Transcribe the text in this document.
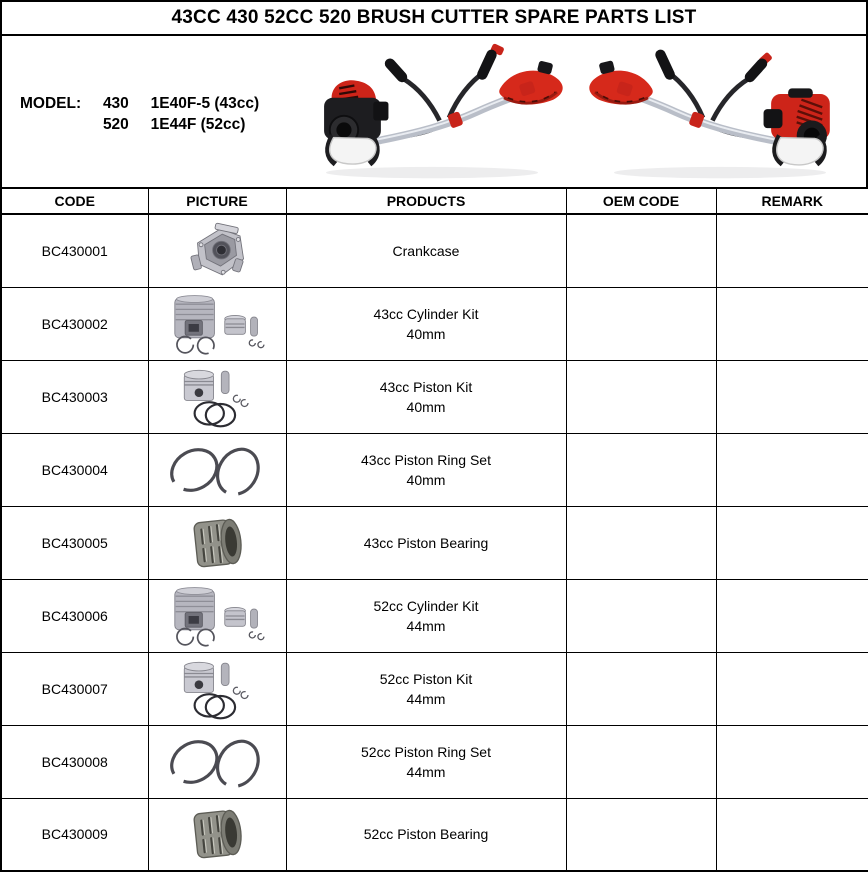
43CC 430 52CC 520 BRUSH CUTTER SPARE PARTS LIST
MODEL:	430	1E40F-5 (43cc)
520	1E44F (52cc)
CODE	PICTURE	PRODUCTS	OEM CODE	REMARK
BC430001		Crankcase		

BC430002		43cc Cylinder Kit
40mm		

BC430003		43cc Piston Kit
40mm		

BC430004		43cc Piston Ring Set
40mm		

BC430005		43cc Piston Bearing		

BC430006		52cc Cylinder Kit
44mm		

BC430007		52cc Piston Kit
44mm		

BC430008		52cc Piston Ring Set
44mm		

BC430009		52cc Piston Bearing		
